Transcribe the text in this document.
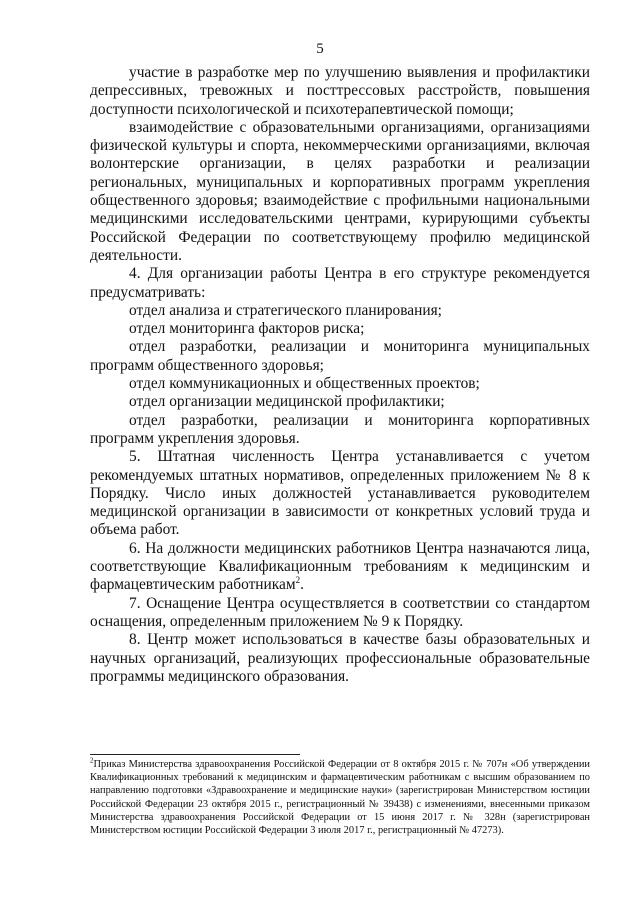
5

участие в разработке мер по улучшению выявления и профилактики депрессивных, тревожных и посттрессовых расстройств, повышения доступности психологической и психотерапевтической помощи;

взаимодействие с образовательными организациями, организациями физической культуры и спорта, некоммерческими организациями, включая волонтерские организации, в целях разработки и реализации региональных, муниципальных и корпоративных программ укрепления общественного здоровья; взаимодействие с профильными национальными медицинскими исследовательскими центрами, курирующими субъекты Российской Федерации по соответствующему профилю медицинской деятельности.

4. Для организации работы Центра в его структуре рекомендуется предусматривать:

отдел анализа и стратегического планирования;

отдел мониторинга факторов риска;

отдел разработки, реализации и мониторинга муниципальных программ общественного здоровья;

отдел коммуникационных и общественных проектов;

отдел организации медицинской профилактики;

отдел разработки, реализации и мониторинга корпоративных программ укрепления здоровья.

5. Штатная численность Центра устанавливается с учетом рекомендуемых штатных нормативов, определенных приложением № 8 к Порядку. Число иных должностей устанавливается руководителем медицинской организации в зависимости от конкретных условий труда и объема работ.

6. На должности медицинских работников Центра назначаются лица, соответствующие Квалификационным требованиям к медицинским и фармацевтическим работникам$^2$.

7. Оснащение Центра осуществляется в соответствии со стандартом оснащения, определенным приложением № 9 к Порядку.

8. Центр может использоваться в качестве базы образовательных и научных организаций, реализующих профессиональные образовательные программы медицинского образования.

$^2$Приказ Министерства здравоохранения Российской Федерации от 8 октября 2015 г. № 707н «Об утверждении Квалификационных требований к медицинским и фармацевтическим работникам с высшим образованием по направлению подготовки «Здравоохранение и медицинские науки» (зарегистрирован Министерством юстиции Российской Федерации 23 октября 2015 г., регистрационный № 39438) с изменениями, внесенными приказом Министерства здравоохранения Российской Федерации от 15 июня 2017 г. № 328н (зарегистрирован Министерством юстиции Российской Федерации 3 июля 2017 г., регистрационный № 47273).
